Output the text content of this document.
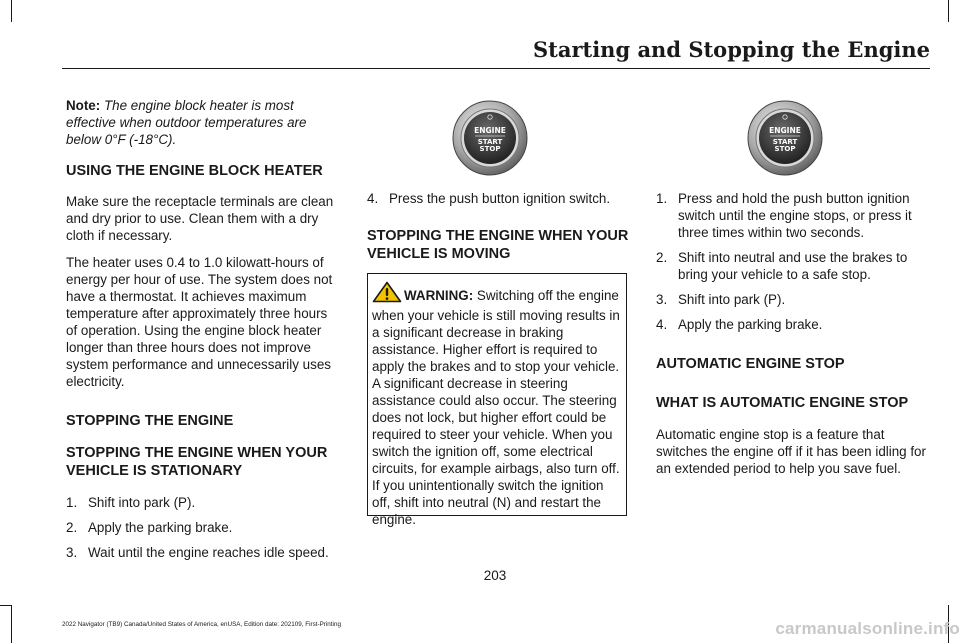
Starting and Stopping the Engine

Note: The engine block heater is most effective when outdoor temperatures are below 0°F (-18°C).

USING THE ENGINE BLOCK HEATER

Make sure the receptacle terminals are clean and dry prior to use. Clean them with a dry cloth if necessary.

The heater uses 0.4 to 1.0 kilowatt-hours of energy per hour of use. The system does not have a thermostat. It achieves maximum temperature after approximately three hours of operation. Using the engine block heater longer than three hours does not improve system performance and unnecessarily uses electricity.

STOPPING THE ENGINE
STOPPING THE ENGINE WHEN YOUR VEHICLE IS STATIONARY
1. Shift into park (P).
2. Apply the parking brake.
3. Wait until the engine reaches idle speed.
ENGINE
START
STOP
ENGINE
START
STOP
4. Press the push button ignition switch.
STOPPING THE ENGINE WHEN YOUR VEHICLE IS MOVING
WARNING: Switching off the engine when your vehicle is still moving results in a significant decrease in braking assistance. Higher effort is required to apply the brakes and to stop your vehicle. A significant decrease in steering assistance could also occur. The steering does not lock, but higher effort could be required to steer your vehicle. When you switch the ignition off, some electrical circuits, for example airbags, also turn off. If you unintentionally switch the ignition off, shift into neutral (N) and restart the engine.
1. Press and hold the push button ignition switch until the engine stops, or press it three times within two seconds.
2. Shift into neutral and use the brakes to bring your vehicle to a safe stop.
3. Shift into park (P).
4. Apply the parking brake.
AUTOMATIC ENGINE STOP
WHAT IS AUTOMATIC ENGINE STOP

Automatic engine stop is a feature that switches the engine off if it has been idling for an extended period to help you save fuel.

203
2022 Navigator (TB9) Canada/United States of America, enUSA, Edition date: 202109, First-Printing	carmanualsonline.info
